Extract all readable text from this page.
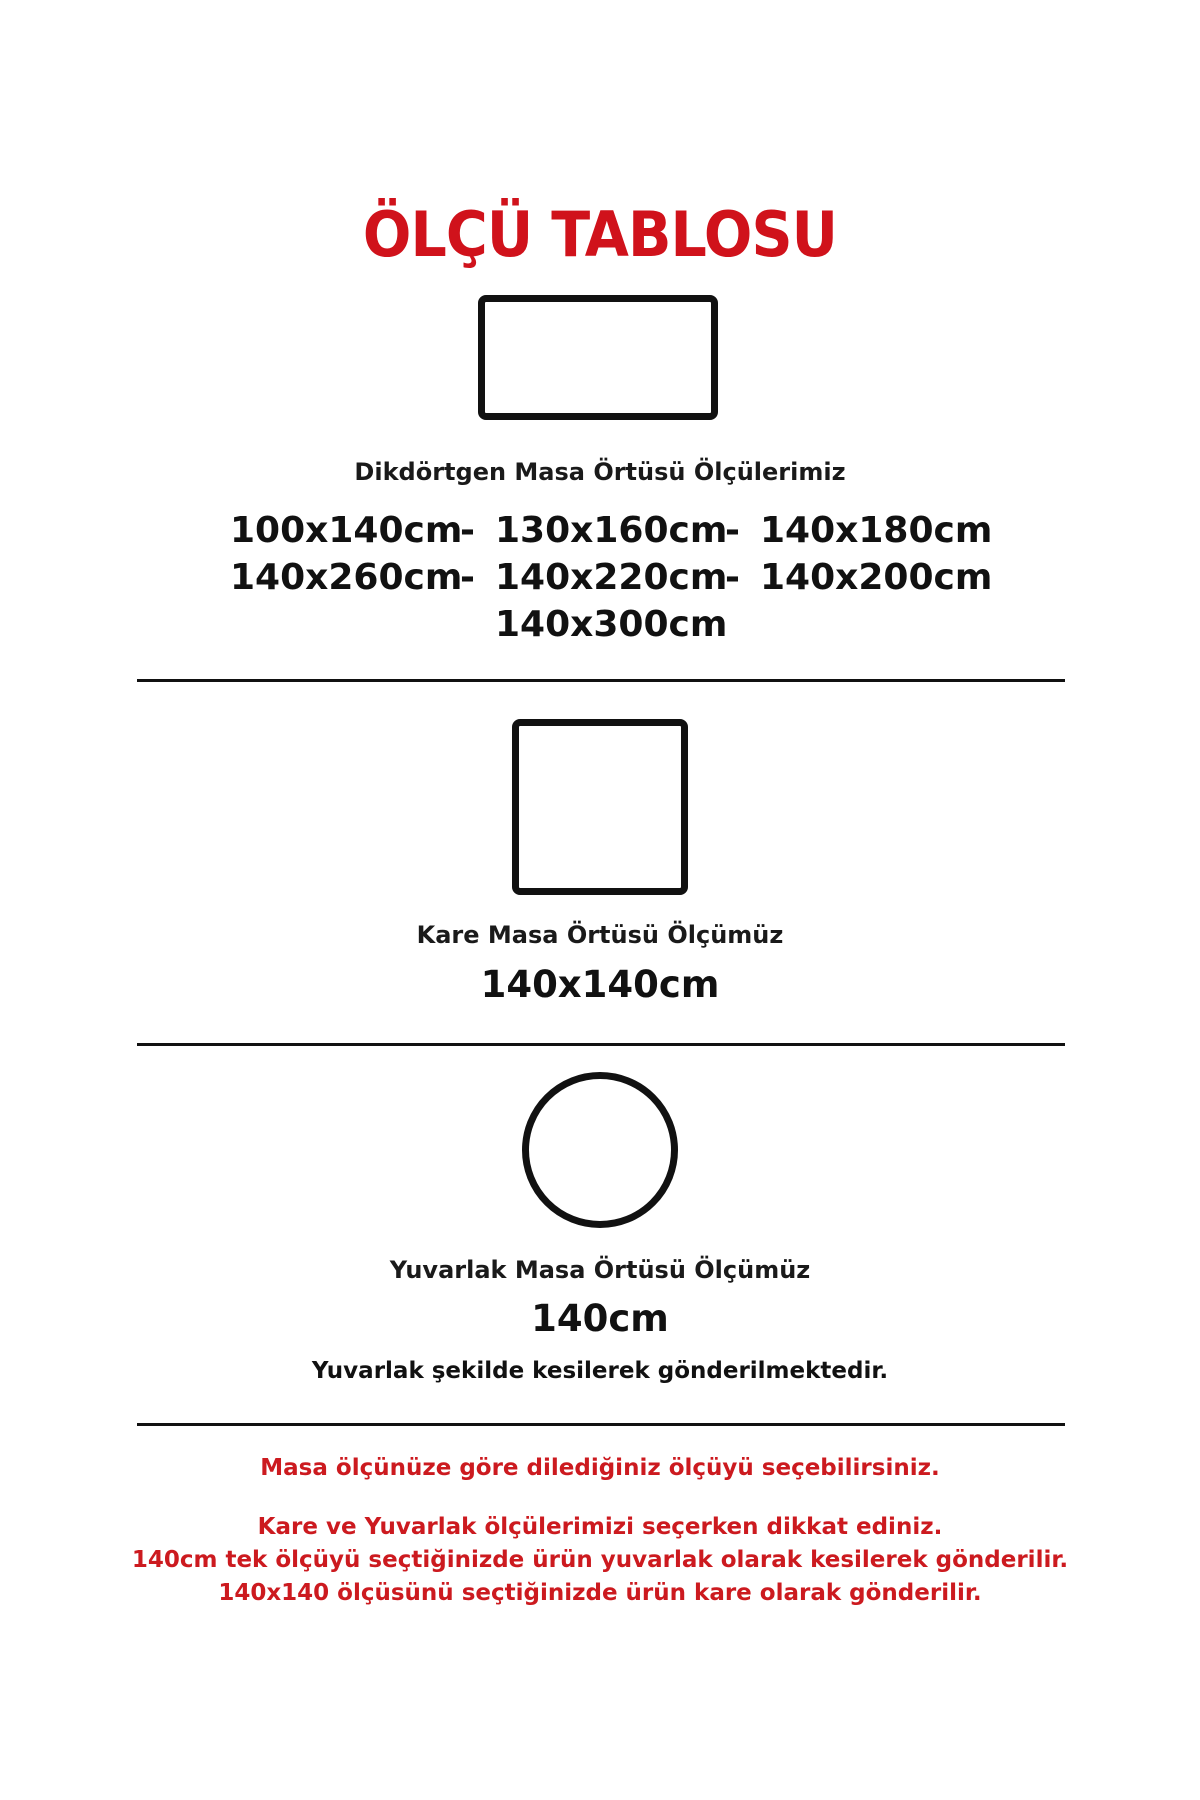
ÖLÇÜ TABLOSU
Dikdörtgen Masa Örtüsü Ölçülerimiz
100x140cm- 130x160cm- 140x180cm
140x260cm- 140x220cm- 140x200cm
140x300cm
Kare Masa Örtüsü Ölçümüz
140x140cm
Yuvarlak Masa Örtüsü Ölçümüz
140cm
Yuvarlak şekilde kesilerek gönderilmektedir.
Masa ölçünüze göre dilediğiniz ölçüyü seçebilirsiniz.
Kare ve Yuvarlak ölçülerimizi seçerken dikkat ediniz.
140cm tek ölçüyü seçtiğinizde ürün yuvarlak olarak kesilerek gönderilir.
140x140 ölçüsünü seçtiğinizde ürün kare olarak gönderilir.
